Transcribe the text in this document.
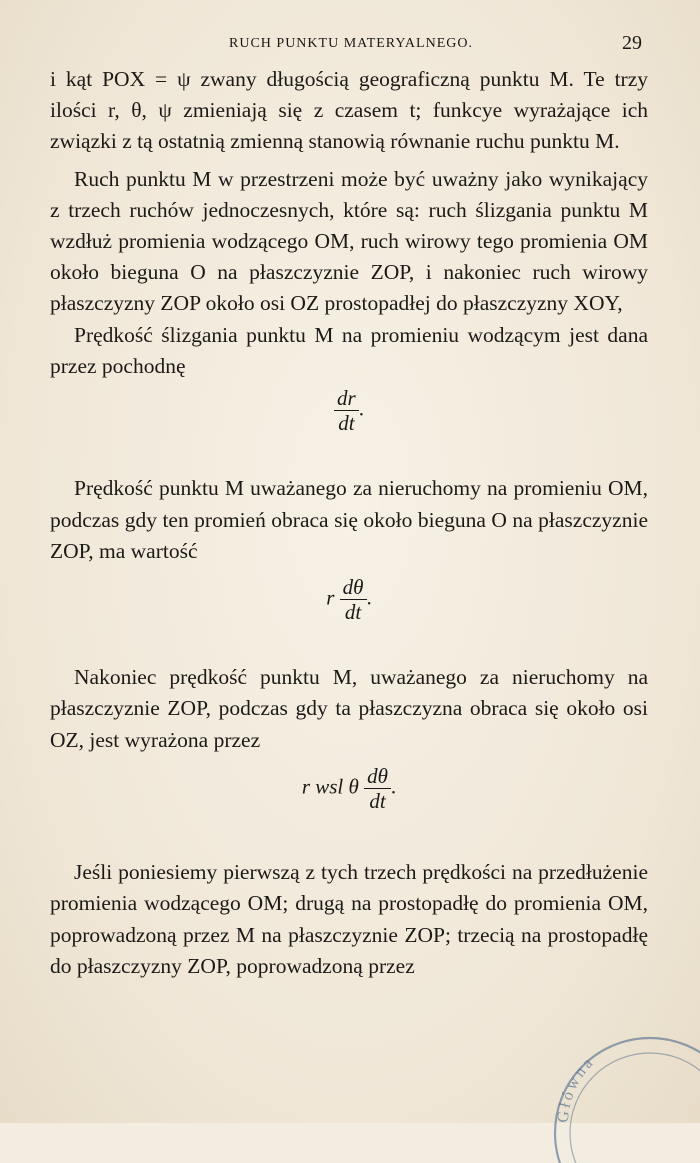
RUCH PUNKTU MATERYALNEGO.	29

i kąt POX = ψ zwany długością geograficzną punktu M. Te trzy ilości r, θ, ψ zmieniają się z czasem t; funkcye wyrażające ich związki z tą ostatnią zmienną stanowią równanie ruchu punktu M.

Ruch punktu M w przestrzeni może być uważny jako wynikający z trzech ruchów jednoczesnych, które są: ruch ślizgania punktu M wzdłuż promienia wodzącego OM, ruch wirowy tego promienia OM około bieguna O na płaszczyznie ZOP, i nakoniec ruch wirowy płaszczyzny ZOP około osi OZ prostopadłej do płaszczyzny XOY,

Prędkość ślizgania punktu M na promieniu wodzącym jest dana przez pochodnę

$\frac{dr}{dt}$ .

Prędkość punktu M uważanego za nieruchomy na promieniu OM, podczas gdy ten promień obraca się około bieguna O na płaszczyznie ZOP, ma wartość

r $\frac{d\theta}{dt}$ .

Nakoniec prędkość punktu M, uważanego za nieruchomy na płaszczyznie ZOP, podczas gdy ta płaszczyzna obraca się około osi OZ, jest wyrażona przez

r wsl θ $\frac{d\theta}{dt}$ .

Jeśli poniesiemy pierwszą z tych trzech prędkości na przedłużenie promienia wodzącego OM; drugą na prostopadłę do promienia OM, poprowadzoną przez M na płaszczyznie ZOP; trzecią na prostopadłę do płaszczyzny ZOP, poprowadzoną przez

Główna
